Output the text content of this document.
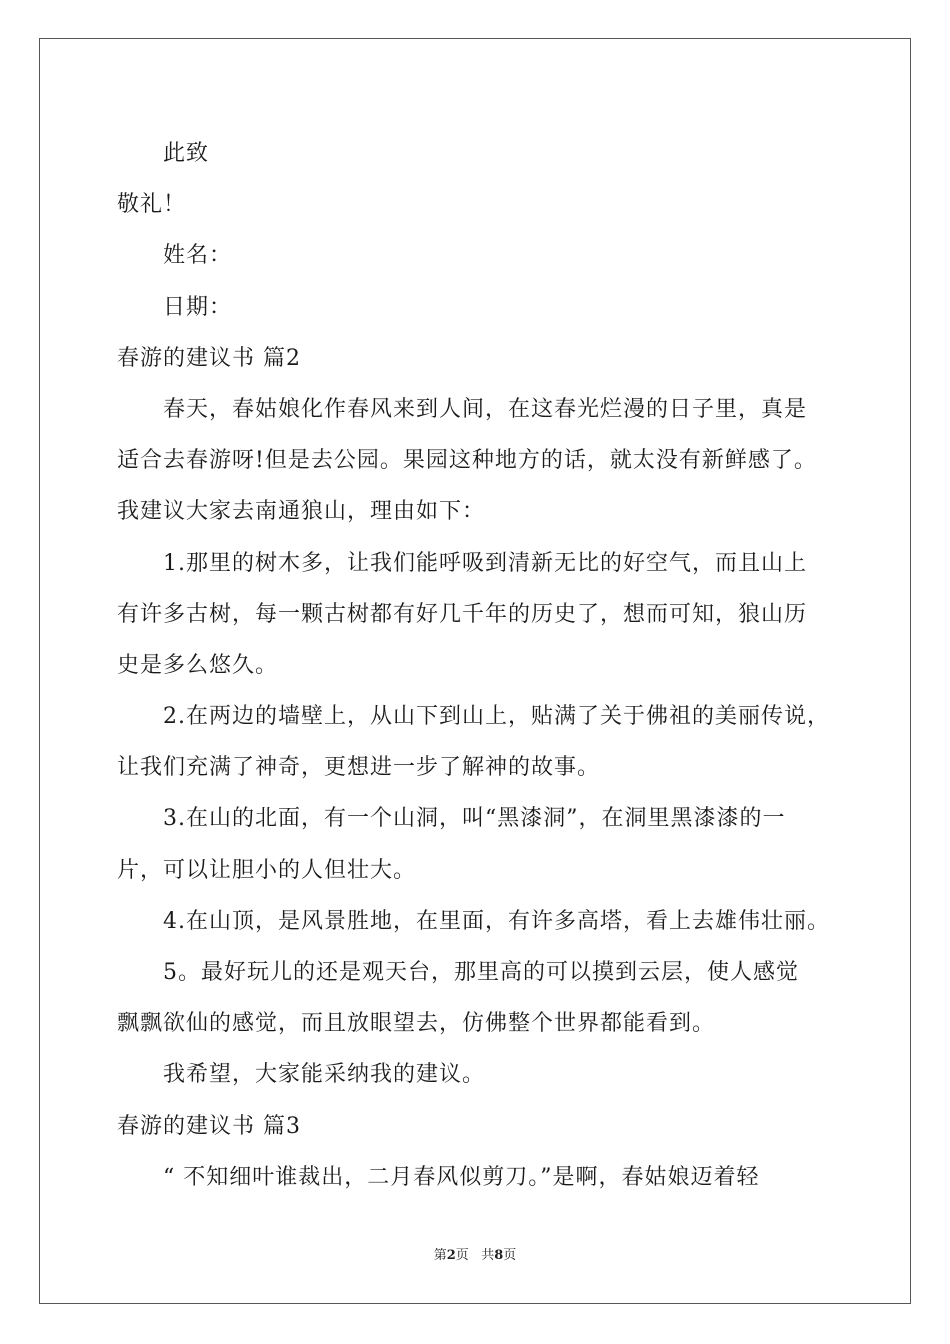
此致
敬礼！
姓名：
日期：
春游的建议书 篇2
春天，春姑娘化作春风来到人间，在这春光烂漫的日子里，真是
适合去春游呀!但是去公园。果园这种地方的话，就太没有新鲜感了。
我建议大家去南通狼山，理由如下：
1.那里的树木多，让我们能呼吸到清新无比的好空气，而且山上
有许多古树，每一颗古树都有好几千年的历史了，想而可知，狼山历
史是多么悠久。
2.在两边的墙壁上，从山下到山上，贴满了关于佛祖的美丽传说，
让我们充满了神奇，更想进一步了解神的故事。
3.在山的北面，有一个山洞，叫“黑漆洞”，在洞里黑漆漆的一
片，可以让胆小的人但壮大。
4.在山顶，是风景胜地，在里面，有许多高塔，看上去雄伟壮丽。
5。最好玩儿的还是观天台，那里高的可以摸到云层，使人感觉
飘飘欲仙的感觉，而且放眼望去，仿佛整个世界都能看到。
我希望，大家能采纳我的建议。
春游的建议书 篇3
“ 不知细叶谁裁出，二月春风似剪刀。”是啊，春姑娘迈着轻
第2页 共8页
